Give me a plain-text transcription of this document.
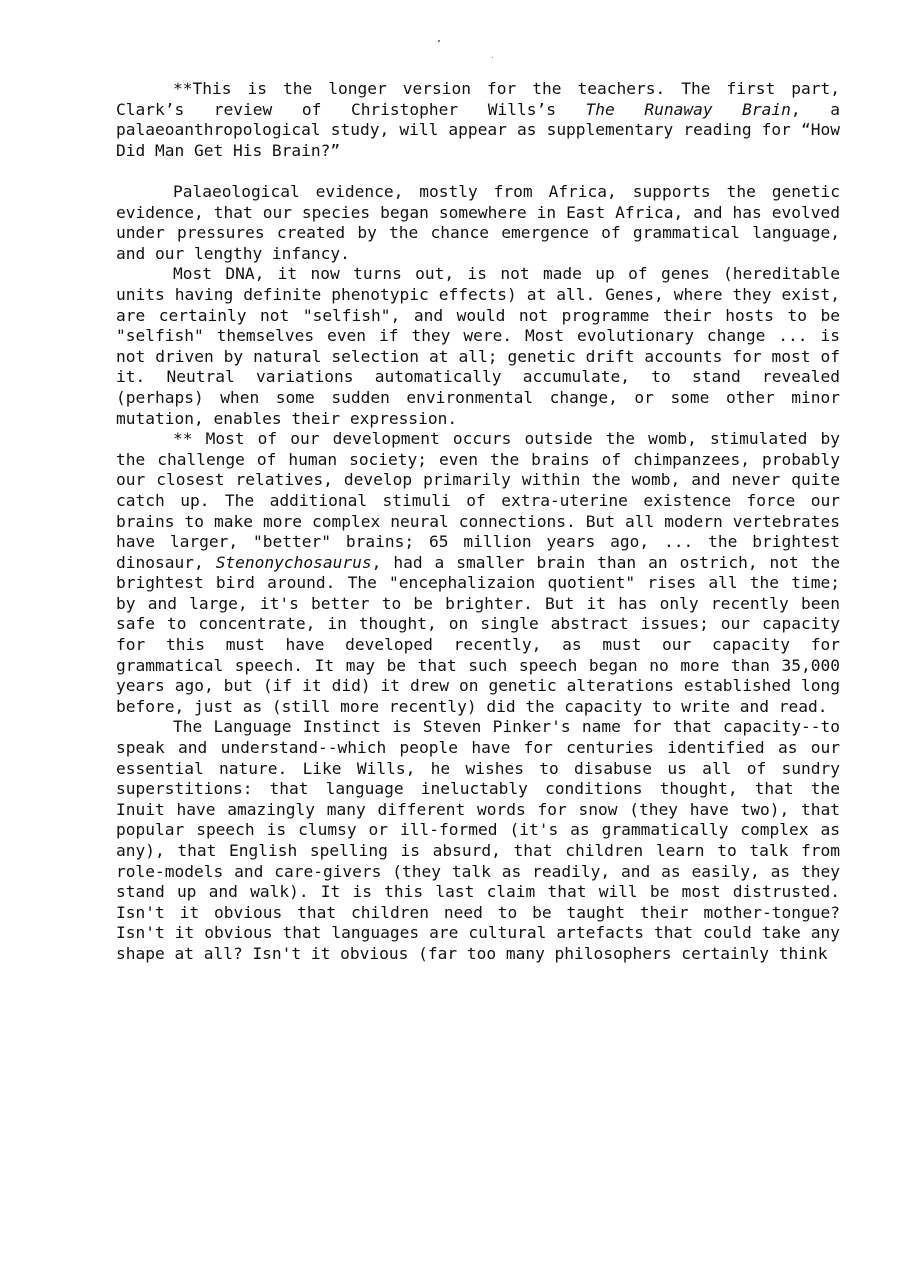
**This is the longer version for the teachers. The first part, Clark’s review of Christopher Wills’s The Runaway Brain, a palaeoanthropological study, will appear as supplementary reading for “How Did Man Get His Brain?”

Palaeological evidence, mostly from Africa, supports the genetic evidence, that our species began somewhere in East Africa, and has evolved under pressures created by the chance emergence of grammatical language, and our lengthy infancy.

Most DNA, it now turns out, is not made up of genes (hereditable units having definite phenotypic effects) at all. Genes, where they exist, are certainly not "selfish", and would not programme their hosts to be "selfish" themselves even if they were. Most evolutionary change ... is not driven by natural selection at all; genetic drift accounts for most of it. Neutral variations automatically accumulate, to stand revealed (perhaps) when some sudden environmental change, or some other minor mutation, enables their expression.

** Most of our development occurs outside the womb, stimulated by the challenge of human society; even the brains of chimpanzees, probably our closest relatives, develop primarily within the womb, and never quite catch up. The additional stimuli of extra-uterine existence force our brains to make more complex neural connections. But all modern vertebrates have larger, "better" brains; 65 million years ago, ... the brightest dinosaur, Stenonychosaurus, had a smaller brain than an ostrich, not the brightest bird around. The "encephalizaion quotient" rises all the time; by and large, it's better to be brighter. But it has only recently been safe to concentrate, in thought, on single abstract issues; our capacity for this must have developed recently, as must our capacity for grammatical speech. It may be that such speech began no more than 35,000 years ago, but (if it did) it drew on genetic alterations established long before, just as (still more recently) did the capacity to write and read.

The Language Instinct is Steven Pinker's name for that capacity--to speak and understand--which people have for centuries identified as our essential nature. Like Wills, he wishes to disabuse us all of sundry superstitions: that language ineluctably conditions thought, that the Inuit have amazingly many different words for snow (they have two), that popular speech is clumsy or ill-formed (it's as grammatically complex as any), that English spelling is absurd, that children learn to talk from role-models and care-givers (they talk as readily, and as easily, as they stand up and walk). It is this last claim that will be most distrusted. Isn't it obvious that children need to be taught their mother-tongue? Isn't it obvious that languages are cultural artefacts that could take any shape at all? Isn't it obvious (far too many philosophers certainly think
